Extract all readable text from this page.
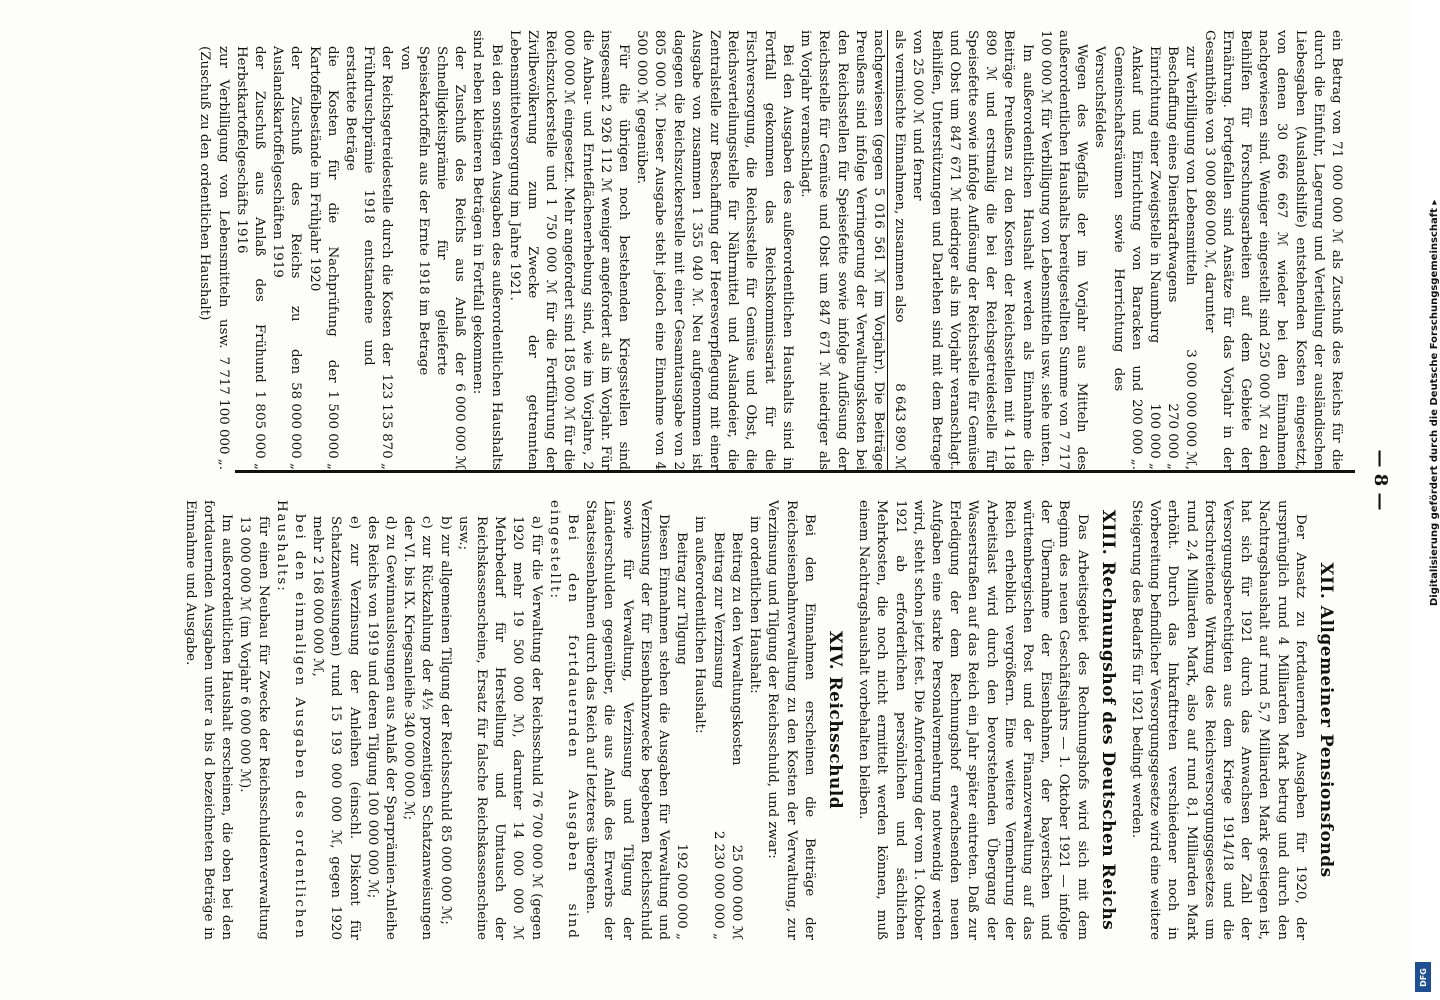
— 8 —

ein Betrag von 71 000 000 ℳ als Zuschuß des Reichs für die durch die Einfuhr, Lagerung und Verteilung der ausländischen Liebesgaben (Auslandshilfe) entstehenden Kosten eingesetzt, von denen 30 666 667 ℳ wieder bei den Einnahmen nachgewiesen sind. Weniger eingestellt sind 250 000 ℳ zu den Beihilfen für Forschungsarbeiten auf dem Gebiete der Ernährung. Fortgefallen sind Ansätze für das Vorjahr in der Gesamthöhe von 3 000 860 000 ℳ, darunter

zur Verbilligung von Lebensmitteln
3 000 000 000 ℳ,
Beschaffung eines Dienstkraftwagens
270 000 „
Einrichtung einer Zweigstelle in Naumburg
100 000 „
Ankauf und Einrichtung von Baracken und Gemeinschaftsräumen sowie Herrichtung des Versuchsfeldes
200 000 „.

Wegen des Wegfalls der im Vorjahr aus Mitteln des außerordentlichen Haushalts bereitgestellten Summe von 7 717 100 000 ℳ für Verbilligung von Lebensmitteln usw. siehe unten.

Im außerordentlichen Haushalt werden als Einnahme die Beiträge Preußens zu den Kosten der Reichsstellen mit 4 118 890 ℳ und erstmalig die bei der Reichsgetreidestelle für Speisefette sowie infolge Auflösung der Reichsstelle für Gemüse und Obst um 847 671 ℳ niedriger als im Vorjahr veranschlagt. Beihilfen, Unterstützungen und Darlehen sind mit dem Betrage von 25 000 ℳ und ferner

als vermischte Einnahmen, zusammen also
8 643 890 ℳ

nachgewiesen (gegen 5 016 561 ℳ im Vorjahr). Die Beiträge Preußens sind infolge Verringerung der Verwaltungskosten bei den Reichsstellen für Speisefette sowie infolge Auflösung der Reichsstelle für Gemüse und Obst um 847 671 ℳ niedriger als im Vorjahr veranschlagt.

Bei den Ausgaben des außerordentlichen Haushalts sind in Fortfall gekommen das Reichskommissariat für die Fischversorgung, die Reichsstelle für Gemüse und Obst, die Reichsverteilungsstelle für Nährmittel und Auslandeier, die Zentralstelle zur Beschaffung der Heeresverpflegung mit einer Ausgabe von zusammen 1 355 040 ℳ. Neu aufgenommen ist dagegen die Reichszuckerstelle mit einer Gesamtausgabe von 2 805 000 ℳ. Dieser Ausgabe steht jedoch eine Einnahme von 4 500 000 ℳ gegenüber.

Für die übrigen noch bestehenden Kriegsstellen sind insgesamt 2 926 112 ℳ weniger angefordert als im Vorjahr. Für die Anbau- und Ernteflächenerhebung sind, wie im Vorjahre, 2 000 000 ℳ eingesetzt. Mehr angefordert sind 185 000 ℳ für die Reichszuckerstelle und 1 750 000 ℳ für die Fortführung der Zivilbevölkerung zum Zwecke der getrennten Lebensmittelversorgung im Jahre 1921.

Bei den sonstigen Ausgaben des außerordentlichen Haushalts sind neben kleineren Beträgen in Fortfall gekommen:

der Zuschuß des Reichs aus Anlaß der Schnelligkeitsprämie für gelieferte Speisekartoffeln aus der Ernte 1918 im Betrage von
6 000 000 ℳ
der Reichsgetreidestelle durch die Kosten der Frühdruschprämie 1918 entstandene und erstattete Beträge
123 135 870 „
die Kosten für die Nachprüfung der Kartoffelbestände im Frühjahr 1920
1 500 000 „
der Zuschuß des Reichs zu den Auslandskartoffelgeschäften 1919
58 000 000 „
der Zuschuß aus Anlaß des Frühund Herbstkartoffelgeschäfts 1916
1 805 000 „
zur Verbilligung von Lebensmitteln usw. (Zuschuß zu den ordentlichen Haushalt)
7 717 100 000 „.
XII. Allgemeiner Pensionsfonds

Der Ansatz zu fortdauernden Ausgaben für 1920, der ursprünglich rund 4 Milliarden Mark betrug und durch den Nachtragshaushalt auf rund 5,7 Milliarden Mark gestiegen ist, hat sich für 1921 durch das Anwachsen der Zahl der Versorgungsberechtigten aus dem Kriege 1914/18 und die fortschreitende Wirkung des Reichsversorgungsgesetzes um rund 2,4 Milliarden Mark, also auf rund 8,1 Milliarden Mark erhöht. Durch das Inkrafttreten verschiedener noch in Vorbereitung befindlicher Versorgungsgesetze wird eine weitere Steigerung des Bedarfs für 1921 bedingt werden.

XIII. Rechnungshof des Deutschen Reichs

Das Arbeitsgebiet des Rechnungshofs wird sich mit dem Beginn des neuen Geschäftsjahrs — 1. Oktober 1921 — infolge der Übernahme der Eisenbahnen, der bayerischen und württembergischen Post und der Finanzverwaltung auf das Reich erheblich vergrößern. Eine weitere Vermehrung der Arbeitslast wird durch den bevorstehenden Übergang der Wasserstraßen auf das Reich ein Jahr später eintreten. Daß zur Erledigung der dem Rechnungshof erwachsenden neuen Aufgaben eine starke Personalvermehrung notwendig werden wird, steht schon jetzt fest. Die Anforderung der vom 1. Oktober 1921 ab erforderlichen persönlichen und sächlichen Mehrkosten, die noch nicht ermittelt werden können, muß einem Nachtragshaushalt vorbehalten bleiben.

XIV. Reichsschuld

Bei den Einnahmen erscheinen die Beiträge der Reichseisenbahnverwaltung zu den Kosten der Verwaltung, zur Verzinsung und Tilgung der Reichsschuld, und zwar:

im ordentlichen Haushalt:
Beitrag zu den Verwaltungskosten
25 000 000 ℳ
Beitrag zur Verzinsung
2 230 000 000 „
im außerordentlichen Haushalt:
Beitrag zur Tilgung
192 000 000 „

Diesen Einnahmen stehen die Ausgaben für Verwaltung und Verzinsung der für Eisenbahnzwecke begebenen Reichsschuld sowie für Verwaltung, Verzinsung und Tilgung der Länderschulden gegenüber, die aus Anlaß des Erwerbs der Staatseisenbahnen durch das Reich auf letzteres übergehen.

Bei den fortdauernden Ausgaben sind eingestellt:

a) für die Verwaltung der Reichsschuld 76 700 000 ℳ (gegen 1920 mehr 19 500 000 ℳ), darunter 14 000 000 ℳ Mehrbedarf für Herstellung und Umtausch der Reichskassenscheine, Ersatz für falsche Reichskassenscheine usw.;
b) zur allgemeinen Tilgung der Reichsschuld 85 000 000 ℳ;
c) zur Rückzahlung der 4½ prozentigen Schatzanweisungen der VI. bis IX. Kriegsanleihe 340 000 000 ℳ;
d) zu Gewinnauslosungen aus Anlaß der Sparprämien-Anleihe des Reichs von 1919 und deren Tilgung 100 000 000 ℳ;
e) zur Verzinsung der Anleihen (einschl. Diskont für Schatzanweisungen) rund 15 193 000 000 ℳ, gegen 1920 mehr 2 168 000 000 ℳ,

bei den einmaligen Ausgaben des ordentlichen Haushalts:

für einen Neubau für Zwecke der Reichsschuldenverwaltung 13 000 000 ℳ (im Vorjahr 6 000 000 ℳ).

Im außerordentlichen Haushalt erscheinen, die oben bei den fortdauernden Ausgaben unter a bis d bezeichneten Beträge in Einnahme und Ausgabe.	Digitalisierung gefördert durch die Deutsche Forschungsgemeinschaft ▸
DFG
